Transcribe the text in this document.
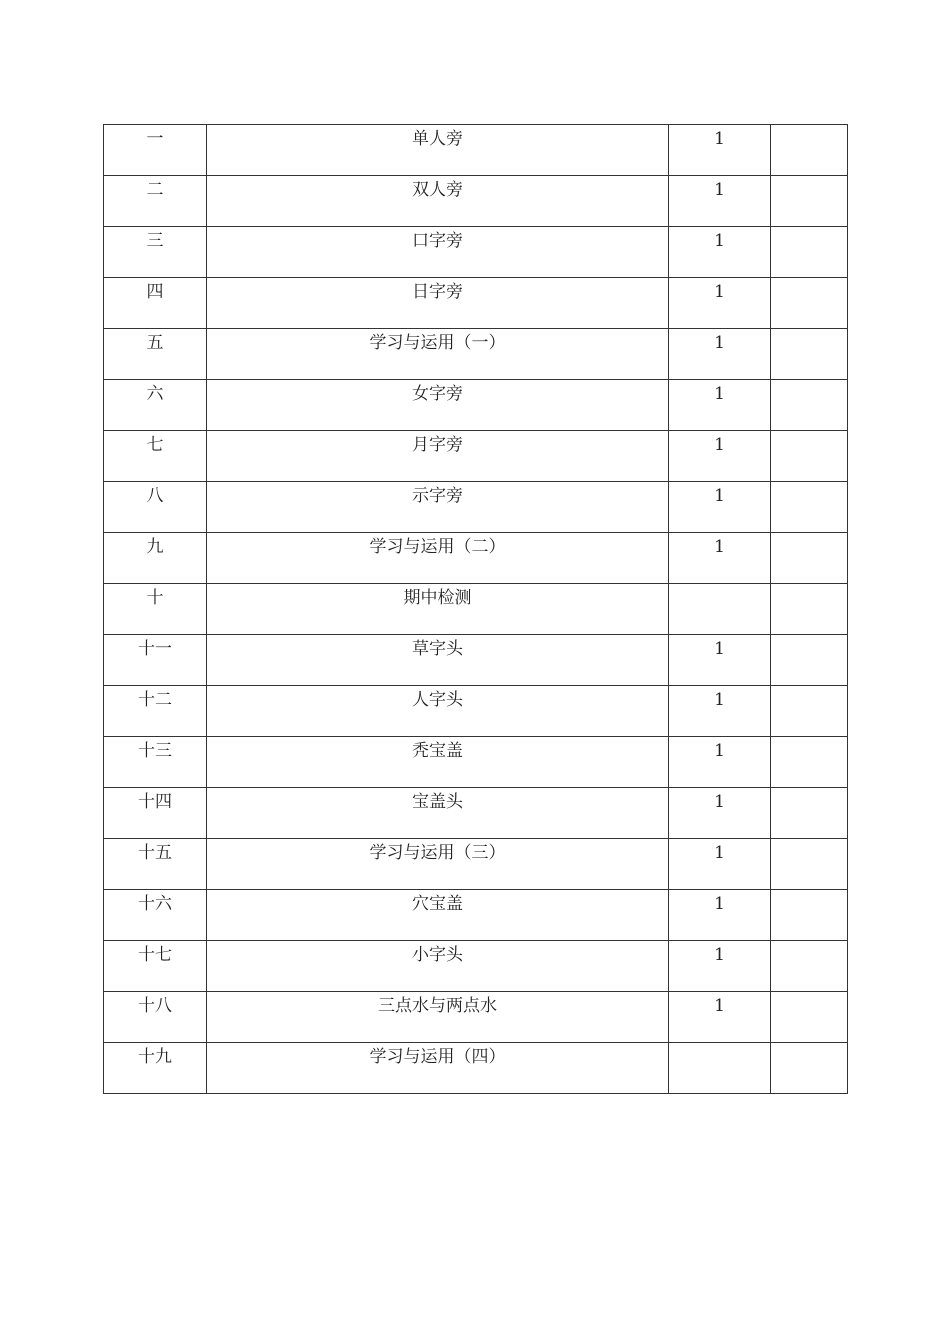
一	单人旁	1	

二	双人旁	1	

三	口字旁	1	

四	日字旁	1	

五	学习与运用（一）	1	

六	女字旁	1	

七	月字旁	1	

八	示字旁	1	

九	学习与运用（二）	1	

十	期中检测		

十一	草字头	1	

十二	人字头	1	

十三	秃宝盖	1	

十四	宝盖头	1	

十五	学习与运用（三）	1	

十六	穴宝盖	1	

十七	小字头	1	

十八	三点水与两点水	1	

十九	学习与运用（四）		
